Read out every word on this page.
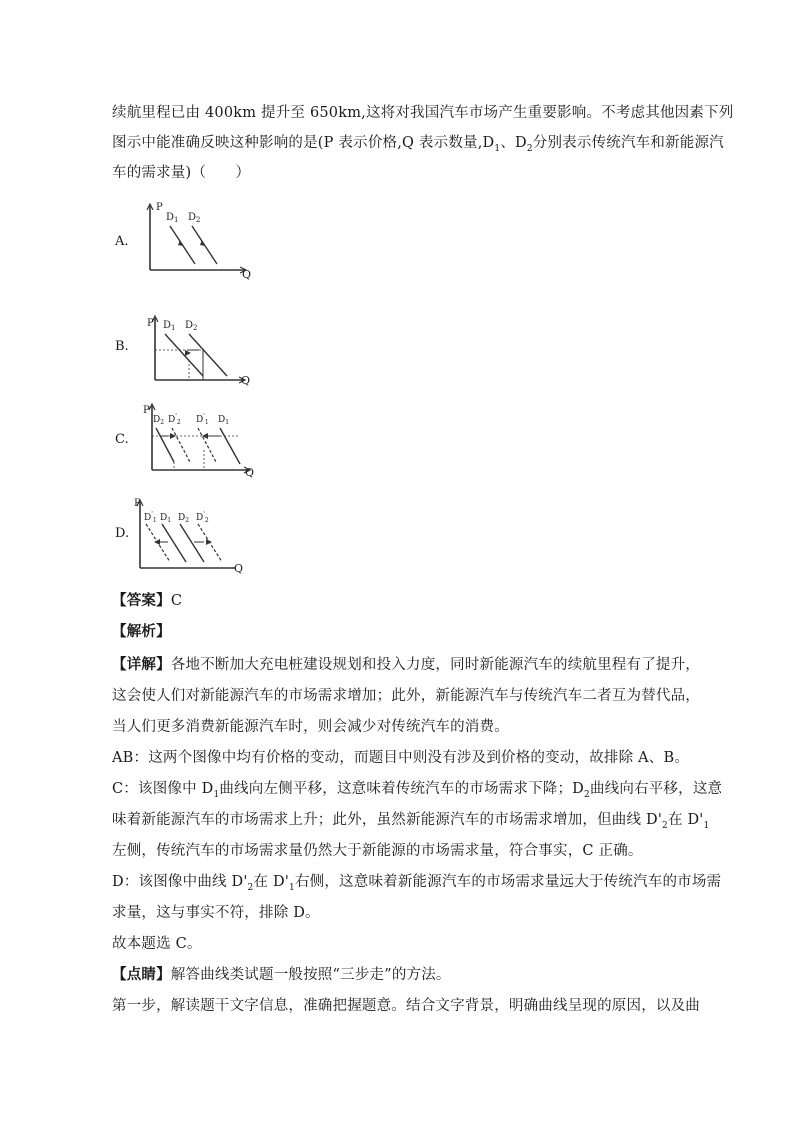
续航里程已由 400km 提升至 650km,这将对我国汽车市场产生重要影响。不考虑其他因素下列
图示中能准确反映这种影响的是(P 表示价格,Q 表示数量$,D_1$、$D_2$分别表示传统汽车和新能源汽
车的需求量)（　　）
A.
P
Q
$D_1$ $D_2$
B.
P
Q
$D_1$ $D_2$
C.
P
Q
$D_2$ $D'_2$ $D'_1$ $D_1$
D.
P
Q
$D'_1$ $D_1$ $D_2$ $D'_2$
【答案】C
【解析】
【详解】各地不断加大充电桩建设规划和投入力度，同时新能源汽车的续航里程有了提升，
这会使人们对新能源汽车的市场需求增加；此外，新能源汽车与传统汽车二者互为替代品，
当人们更多消费新能源汽车时，则会减少对传统汽车的消费。
AB：这两个图像中均有价格的变动，而题目中则没有涉及到价格的变动，故排除 A、B。
C：该图像中 $D_1$曲线向左侧平移，这意味着传统汽车的市场需求下降；$D_2$曲线向右平移，这意
味着新能源汽车的市场需求上升；此外，虽然新能源汽车的市场需求增加，但曲线 $D'_2$在 $D'_1$
左侧，传统汽车的市场需求量仍然大于新能源的市场需求量，符合事实，C 正确。
D：该图像中曲线 $D'_2$在 $D'_1$右侧，这意味着新能源汽车的市场需求量远大于传统汽车的市场需
求量，这与事实不符，排除 D。
故本题选 C。
【点睛】解答曲线类试题一般按照“三步走”的方法。
第一步，解读题干文字信息，准确把握题意。结合文字背景，明确曲线呈现的原因，以及曲
